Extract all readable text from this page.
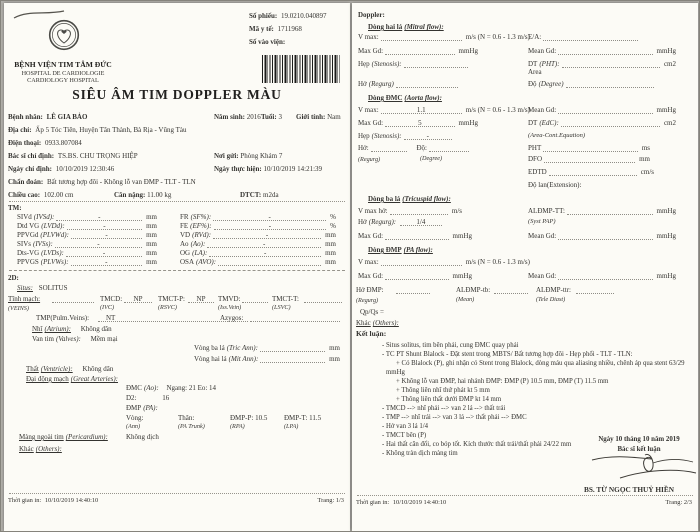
BỆNH VIỆN TIM TÂM ĐỨC
HOSPITAL DE CARDIOLOGIE
CARDIOLOGY HOSPITAL
Số phiếu: 19.0210.040897
Mã y tế: 1711968
Số vào viện:
SIÊU ÂM TIM DOPPLER MÀU
Bệnh nhân: LÊ GIA BẢO	Năm sinh: 2016 Tuổi: 3 Giới tính: Nam
Địa chỉ: Ấp 5 Tóc Tiên, Huyện Tân Thành, Bà Rịa - Vũng Tàu
Điện thoại: 0933.807084
Bác sĩ chỉ định: TS.BS. CHU TRỌNG HIỆP	Nơi gửi: Phòng Khám 7
Ngày chỉ định: 10/10/2019 12:30:46	Ngày thực hiện: 10/10/2019 14:21:39
Chẩn đoán: Bất tương hợp đôi - Không lỗ van ĐMP - TLT - TLN
Chiều cao: 102.00 cm	Cân nặng: 11.00 kg	DTCT: m2da
TM:
SIVd (IVSd):	-	mm	FR (SF%):	-	%
Dtd VG (LVDd):	-	mm	FE (EF%):	-	%
PPVGd (PLVWd):	-	mm	VD (RVd):	-	mm
SIVs (IVSs):	-	mm	Ao (Ao):	-	mm
Dts-VG (LVDs):	-	mm	OG (LA):	-	mm
PPVGS (PLVWs):	-	mm	OSA (AVO):	mm
2D:
Situs: SOLITUS
Tĩnh mạch:	TMCD:	NP	TMCT-P:	NP	TMVD:	TMCT-T:
(VEINS)	(IVC)	(RSVC)	(Iss.Vein)	(LSVC)
TMP(Pulm.Veins):	NT	Azygos:
Nhĩ (Atrium): Không dãn
Van tim (Valves): Mềm mại
Vòng ba lá (Tric Ann):	mm
Vòng hai lá (Mit Ann):	mm
Thất (Ventricle): Không dãn
Đại động mạch (Great Arteries):
ĐMC (Ao): Ngang: 21 Eo: 14
D2:	16
ĐMP (PA):
Vòng:	Thân:	ĐMP-P: 10.5 ĐMP-T: 11.5
(Ann)	(PA Trunk)	(RPA)	(LPA)
Màng ngoài tim (Pericardium):	Không dịch
Khác (Others):
Thời gian in: 10/10/2019 14:40:10	Trang: 1/3
Doppler:
Dòng hai lá (Mitral flow):
V max:	m/s (N = 0.6 - 1.3 m/s)
E/A:
Max Gd:	mmHg	Mean Gd:	mmHg
Hẹp (Stenosis):	DT (PHT):	cm2
Area
Hở (Regurg)	Độ (Degree)
Dòng ĐMC (Aorta flow):
V max:	1.1	m/s (N = 0.6 - 1.3 m/s)
Mean Gd:	mmHg
Max Gd:	5	mmHg	DT (EdC):	cm2
Hẹp (Stenosis):	-	(Area-Cont.Equation)
Hở:	Độ:	PHT	ms
(Regurg)	(Degree)	DFO	mm
EDTD	cm/s
Độ lan(Extension):
Dòng ba lá (Tricuspid flow):
V max hở:	m/s	ALĐMP-TT:	mmHg
Hở (Regurg):	1/4	(Syst PAP)
Max Gd:	mmHg	Mean Gd:	mmHg
Dòng ĐMP (PA flow):
V max:	m/s (N = 0.6 - 1.3 m/s)
Max Gd:	mmHg	Mean Gd:	mmHg
Hở ĐMP:	ALĐMP-tb:	ALĐMP-ttr:
(Regurg)	(Mean)	(Tele Diast)
Qp/Qs =
Khác (Others):
Kết luận:
- Situs solitus, tim bên phải, cung ĐMC quay phải
- TC PT Shunt Blalock - Đặt stent trong MBTS/ Bất tương hợp đôi - Hẹp phổi - TLT - TLN:
+ Có Blalock (P), ghi nhận có Stent trong Blalock, dòng máu qua aliasing nhiều, chênh áp qua stent 63/29 mmHg
+ Không lỗ van ĐMP, hai nhánh ĐMP: ĐMP (P) 10.5 mm, ĐMP (T) 11.5 mm
+ Thông liên nhĩ thứ phát kt 5 mm
+ Thông liên thất dưới ĐMP kt 14 mm
- TMCD --> nhĩ phải --> van 2 lá --> thất trái
- TMP --> nhĩ trái --> van 3 lá --> thất phải --> ĐMC
- Hở van 3 lá 1/4
- TMCT bên (P)
- Hai thất cân đối, co bóp tốt. Kích thước thất trái/thất phải 24/22 mm
- Không tràn dịch màng tim
Ngày 10 tháng 10 năm 2019
Bác sĩ kết luận
BS. TỪ NGỌC THUỶ HIỀN
Thời gian in: 10/10/2019 14:40:10	Trang: 2/3
